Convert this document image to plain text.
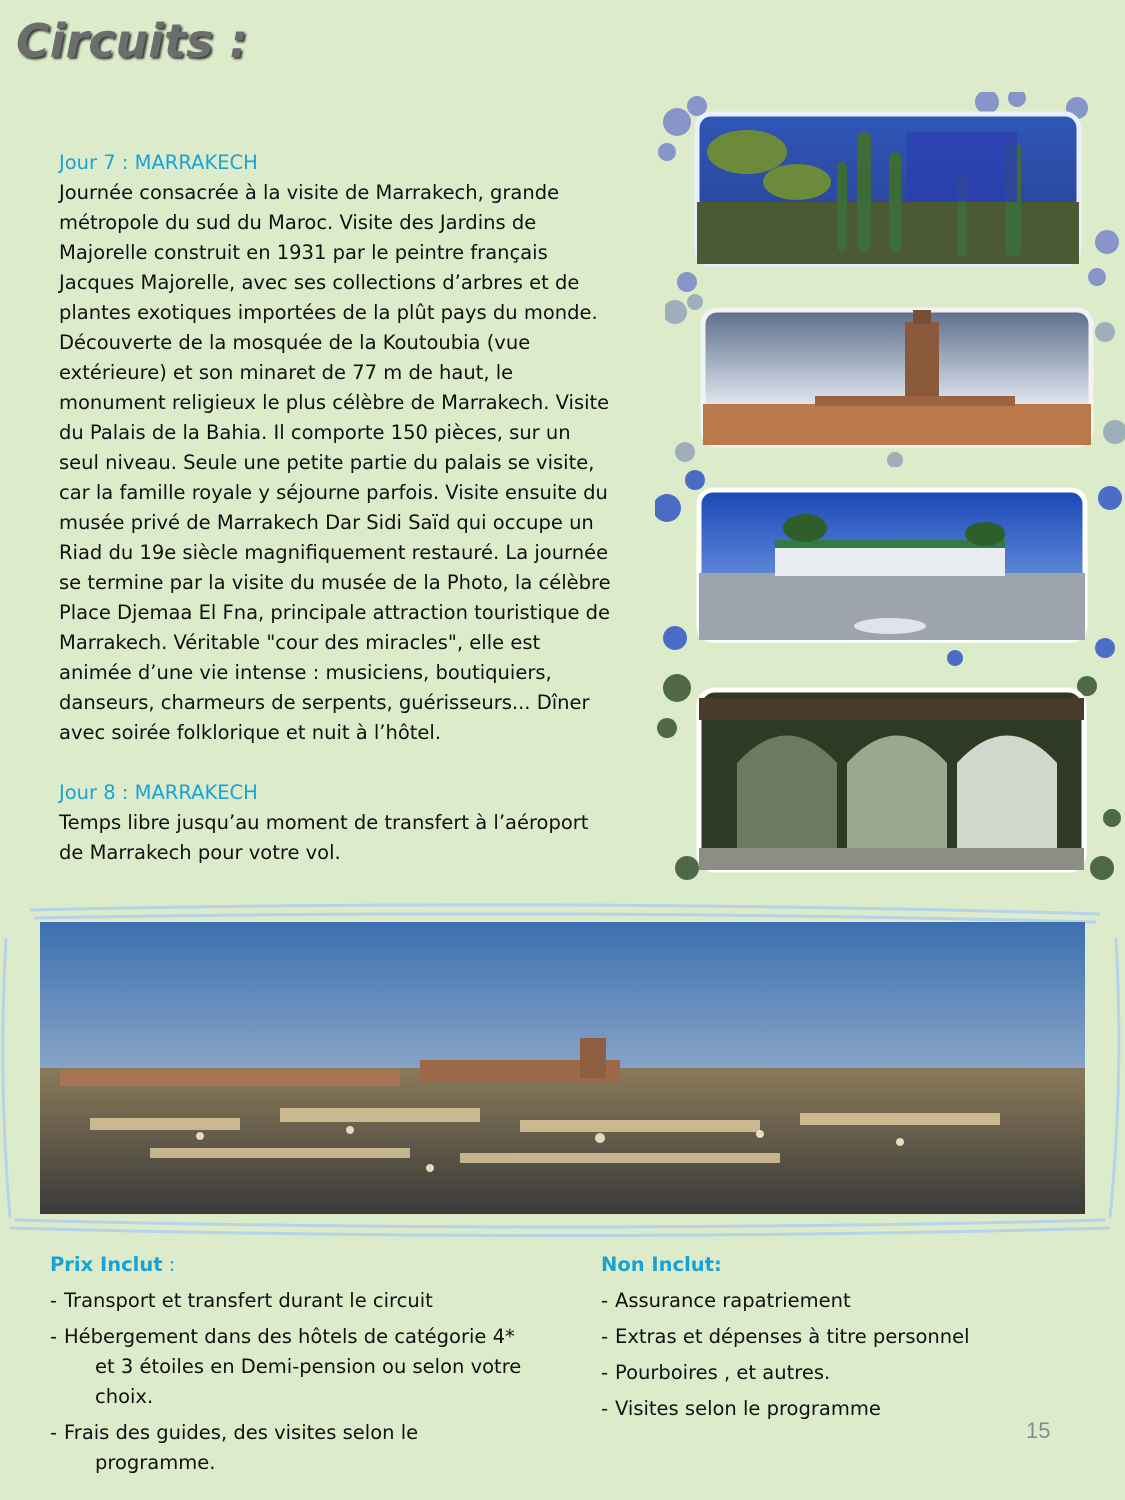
Circuits :

Jour 7 : MARRAKECH

Journée consacrée à la visite de Marrakech, grande

métropole du sud du Maroc. Visite des Jardins de

Majorelle construit en 1931 par le peintre français

Jacques Majorelle, avec ses collections d’arbres et de

plantes exotiques importées de la plût pays du monde.

Découverte de la mosquée de la Koutoubia (vue

extérieure) et son minaret de 77 m de haut, le

monument religieux le plus célèbre de Marrakech. Visite

du Palais de la Bahia. Il comporte 150 pièces, sur un

seul niveau. Seule une petite partie du palais se visite,

car la famille royale y séjourne parfois. Visite ensuite du

musée privé de Marrakech Dar Sidi Saïd qui occupe un

Riad du 19e siècle magnifiquement restauré. La journée

se termine par la visite du musée de la Photo, la célèbre

Place Djemaa El Fna, principale attraction touristique de

Marrakech. Véritable "cour des miracles", elle est

animée d’une vie intense : musiciens, boutiquiers,

danseurs, charmeurs de serpents, guérisseurs... Dîner

avec soirée folklorique et nuit à l’hôtel.

Jour 8 : MARRAKECH

Temps libre jusqu’au moment de transfert à l’aéroport

de Marrakech pour votre vol.

Prix Inclut :
- Transport et transfert durant le circuit
- Hébergement dans des hôtels de catégorie 4* et 3 étoiles en Demi-pension ou selon votre choix.
- Frais des guides, des visites selon le programme.
Non Inclut:
- Assurance rapatriement
- Extras et dépenses à titre personnel
- Pourboires , et autres.
- Visites selon le programme
15
